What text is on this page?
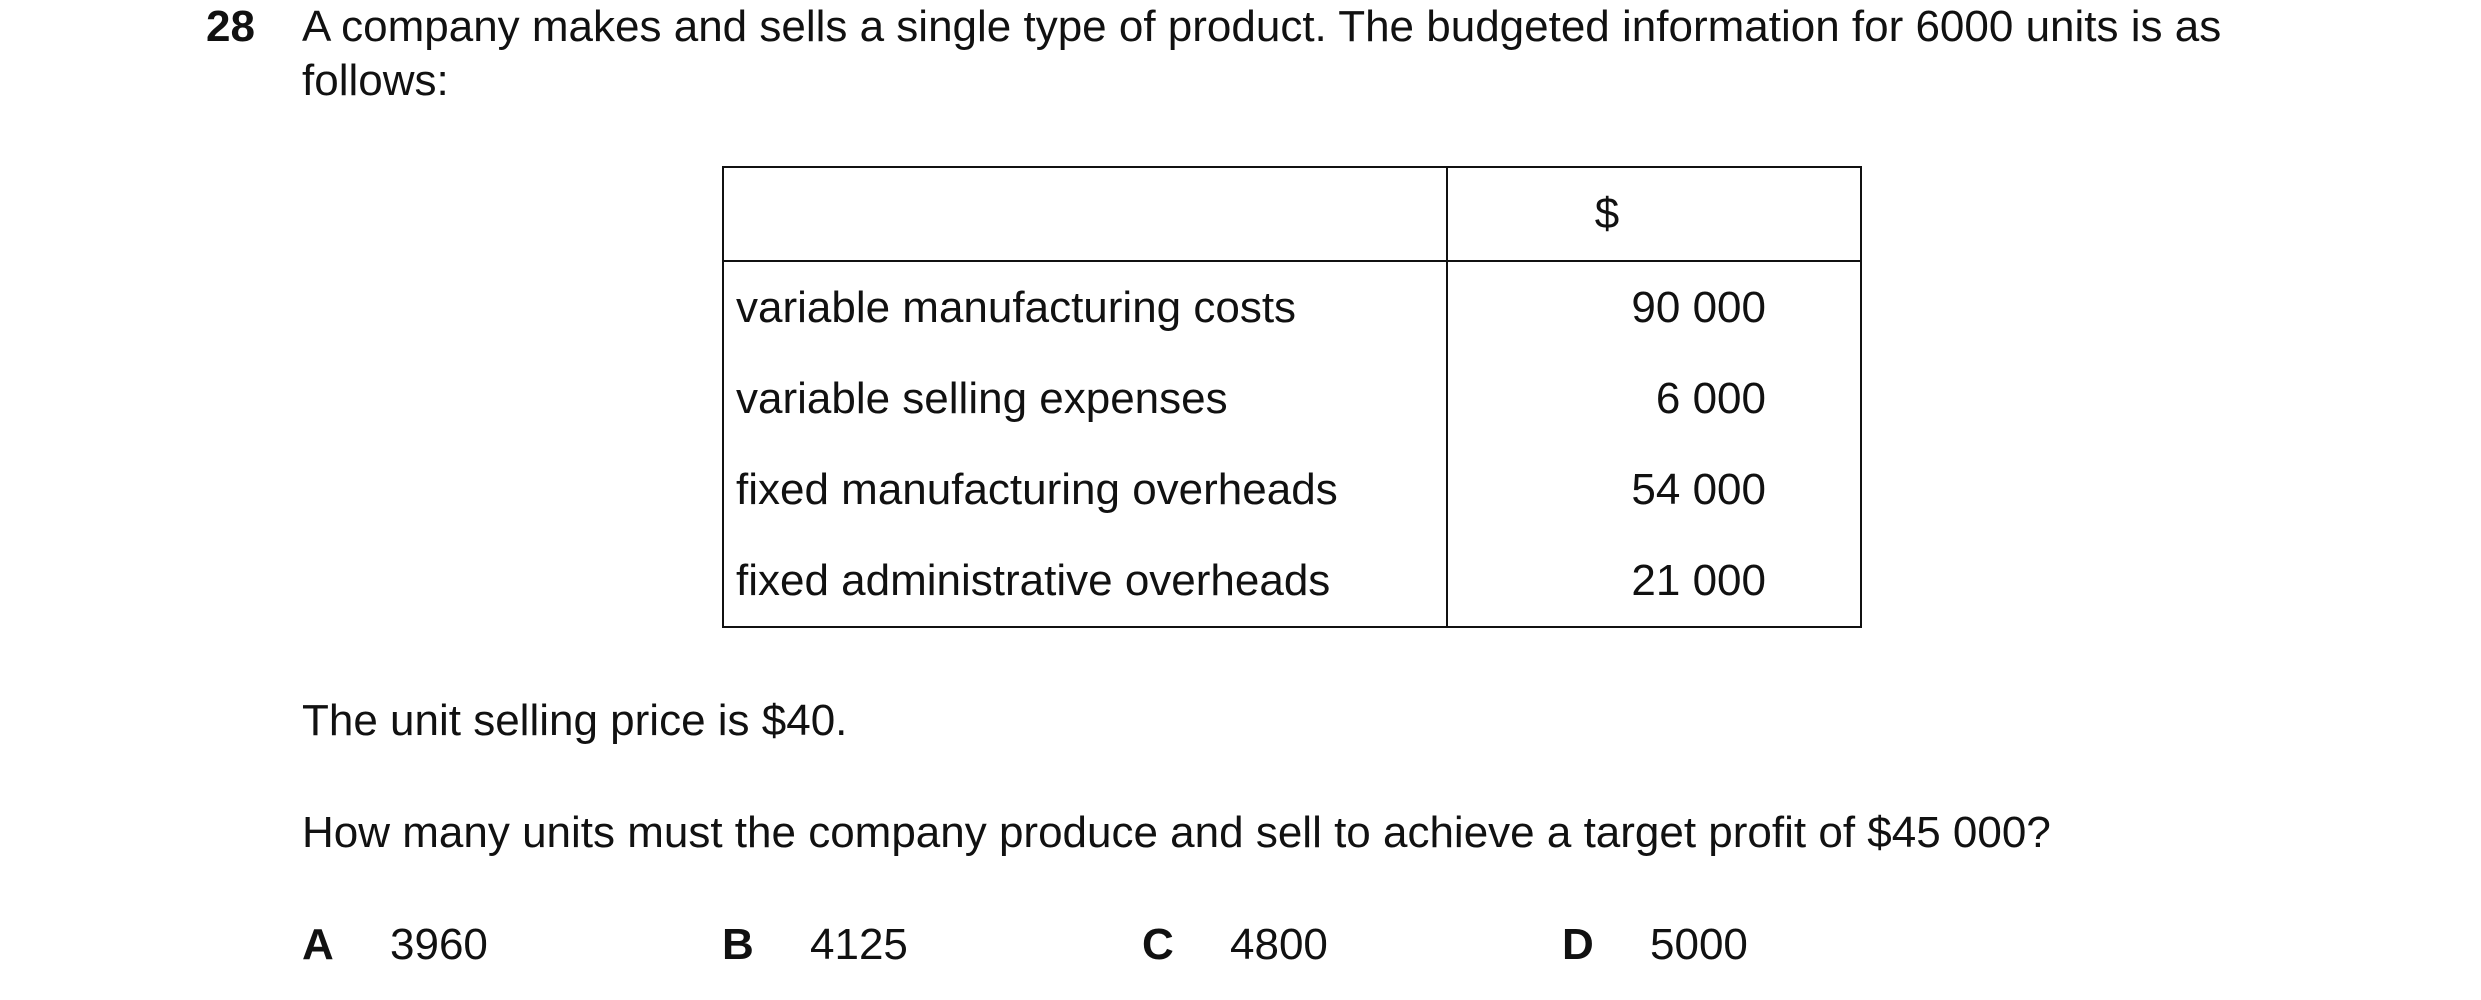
28 A company makes and sells a single type of product. The budgeted information for 6000 units is as follows:

	$
variable manufacturing costs	90 000
variable selling expenses	6 000
fixed manufacturing overheads	54 000
fixed administrative overheads	21 000

The unit selling price is $40.

How many units must the company produce and sell to achieve a target profit of $45 000?

A 3960	B 4125	C 4800	D 5000
